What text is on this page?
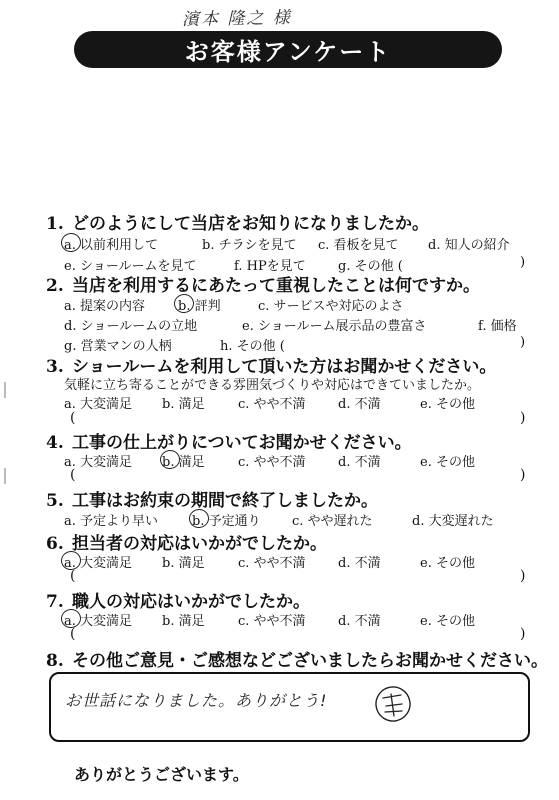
濱本 隆之 様
お客様アンケート
1. どのようにして当店をお知りになりましたか。
a. 以前利用して	b. チラシを見て c. 看板を見て d. 知人の紹介
e. ショールームを見て	f. HPを見て g. その他 (	)
2. 当店を利用するにあたって重視したことは何ですか。
a. 提案の内容	b. 評判	c. サービスや対応のよさ
d. ショールームの立地	e. ショールーム展示品の豊富さ	f. 価格
g. 営業マンの人柄	h. その他 (	)
3. ショールームを利用して頂いた方はお聞かせください。
気軽に立ち寄ることができる雰囲気づくりや対応はできていましたか。
a. 大変満足 b. 満足	c. やや不満 d. 不満	e. その他
(	)
4. 工事の仕上がりについてお聞かせください。
a. 大変満足 b. 満足	c. やや不満 d. 不満	e. その他
(	)
5. 工事はお約束の期間で終了しましたか。
a. 予定より早い	b. 予定通り c. やや遅れた	d. 大変遅れた
6. 担当者の対応はいかがでしたか。
a. 大変満足 b. 満足	c. やや不満 d. 不満	e. その他
(	)
7. 職人の対応はいかがでしたか。
a. 大変満足 b. 満足	c. やや不満 d. 不満	e. その他
(	)
8. その他ご意見・ご感想などございましたらお聞かせください。
お世話になりました。ありがとう!
ありがとうございます。
